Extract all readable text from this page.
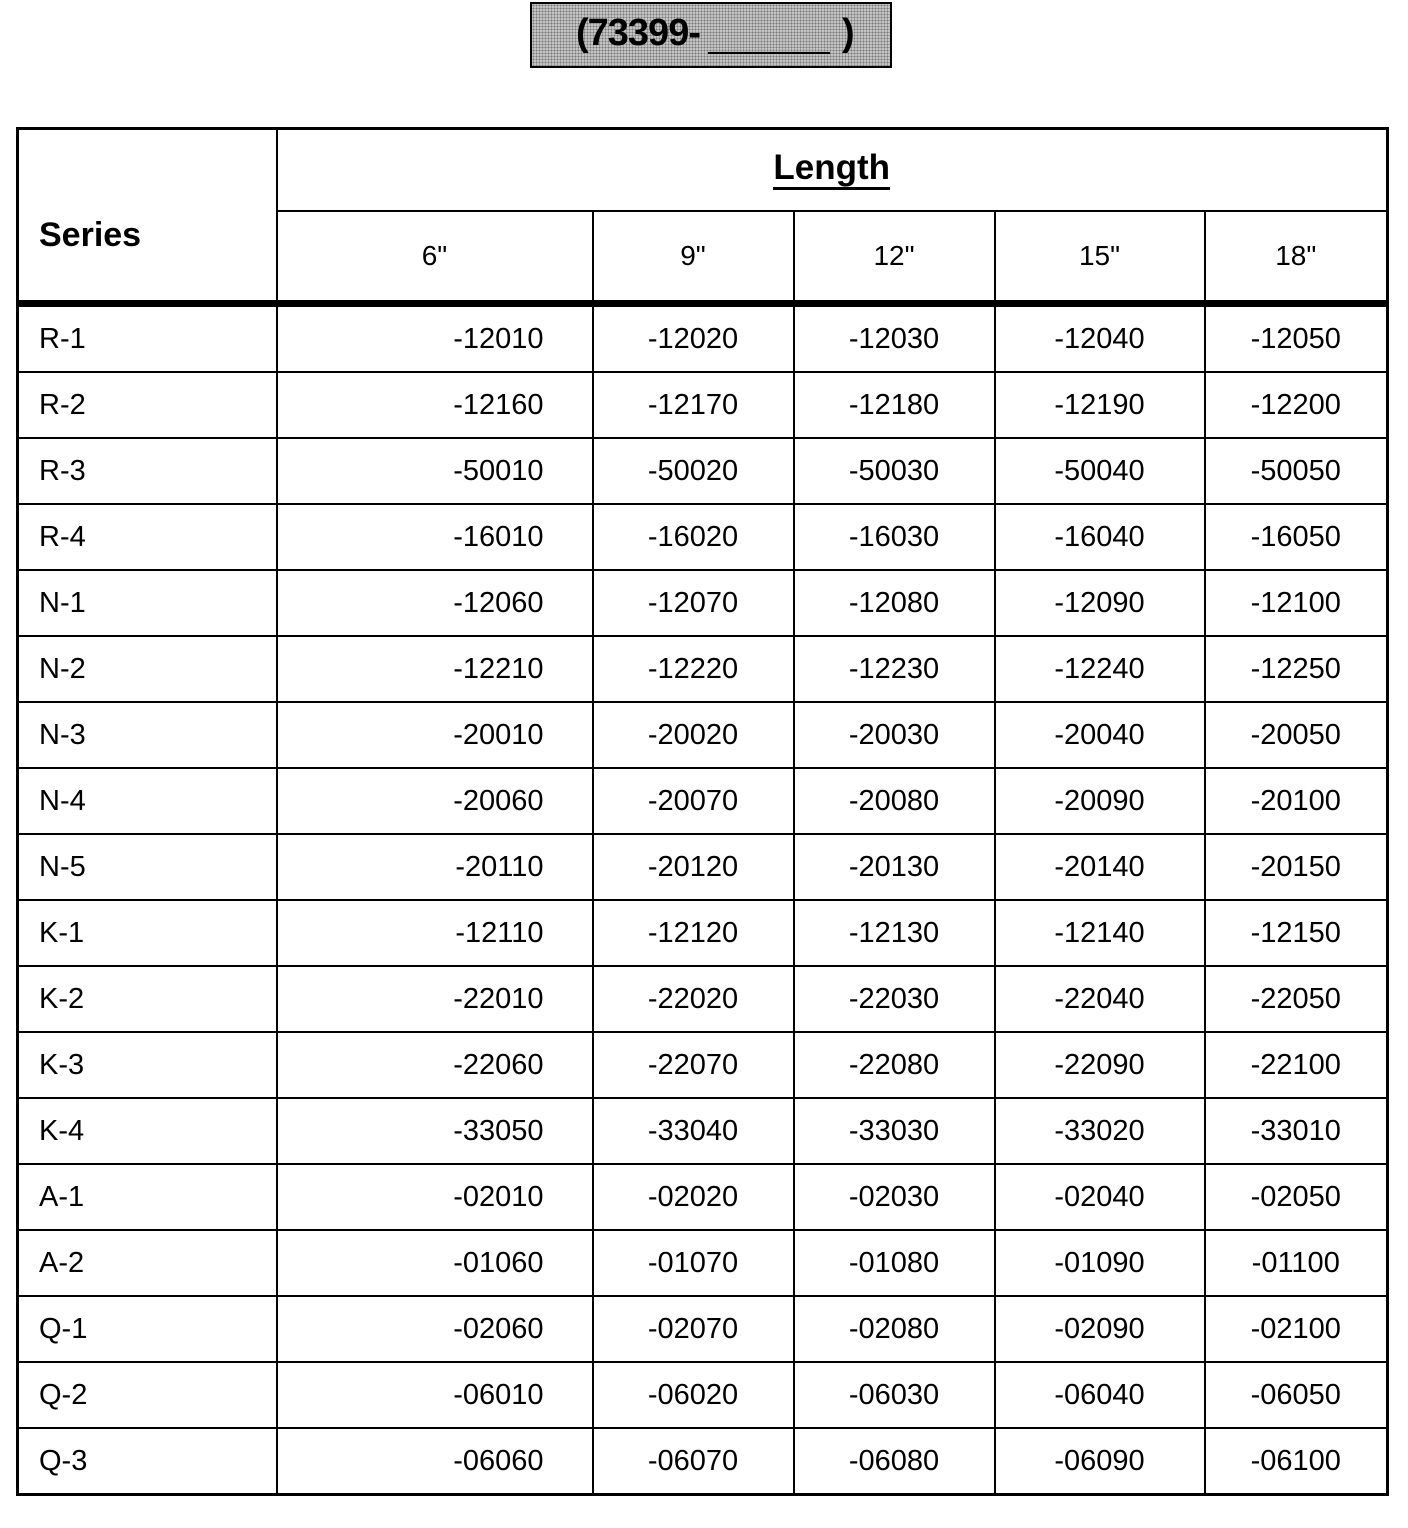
(73399-	)
Series	Length				
	6"	9"	12"	15"	18"
R-1	-12010	-12020	-12030	-12040	-12050
R-2	-12160	-12170	-12180	-12190	-12200
R-3	-50010	-50020	-50030	-50040	-50050
R-4	-16010	-16020	-16030	-16040	-16050
N-1	-12060	-12070	-12080	-12090	-12100
N-2	-12210	-12220	-12230	-12240	-12250
N-3	-20010	-20020	-20030	-20040	-20050
N-4	-20060	-20070	-20080	-20090	-20100
N-5	-20110	-20120	-20130	-20140	-20150
K-1	-12110	-12120	-12130	-12140	-12150
K-2	-22010	-22020	-22030	-22040	-22050
K-3	-22060	-22070	-22080	-22090	-22100
K-4	-33050	-33040	-33030	-33020	-33010
A-1	-02010	-02020	-02030	-02040	-02050
A-2	-01060	-01070	-01080	-01090	-01100
Q-1	-02060	-02070	-02080	-02090	-02100
Q-2	-06010	-06020	-06030	-06040	-06050
Q-3	-06060	-06070	-06080	-06090	-06100
